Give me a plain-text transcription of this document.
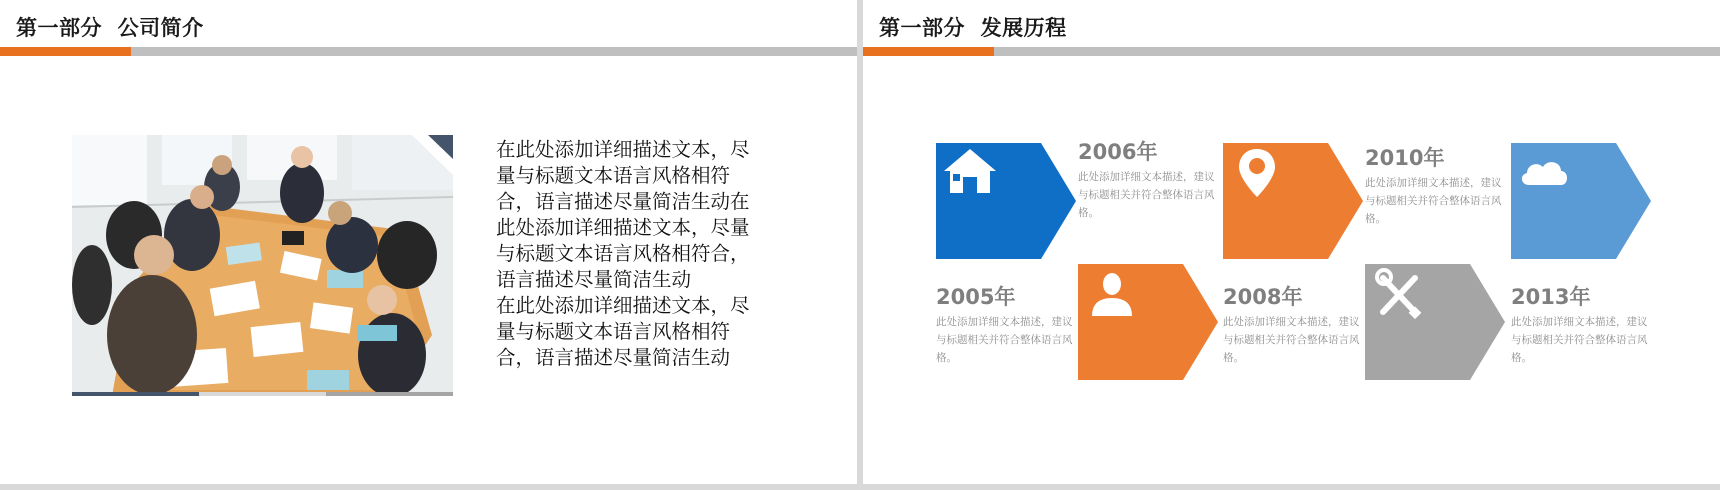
第一部分  公司简介

在此处添加详细描述文本，尽量与标题文本语言风格相符合，语言描述尽量简洁生动在此处添加详细描述文本，尽量与标题文本语言风格相符合，语言描述尽量简洁生动

在此处添加详细描述文本，尽量与标题文本语言风格相符合，语言描述尽量简洁生动

第一部分  发展历程
2006年
此处添加详细文本描述，建议与标题相关并符合整体语言风格。
2005年
此处添加详细文本描述，建议与标题相关并符合整体语言风格。
2010年
此处添加详细文本描述，建议与标题相关并符合整体语言风格。
2008年
此处添加详细文本描述，建议与标题相关并符合整体语言风格。
2013年
此处添加详细文本描述，建议与标题相关并符合整体语言风格。
